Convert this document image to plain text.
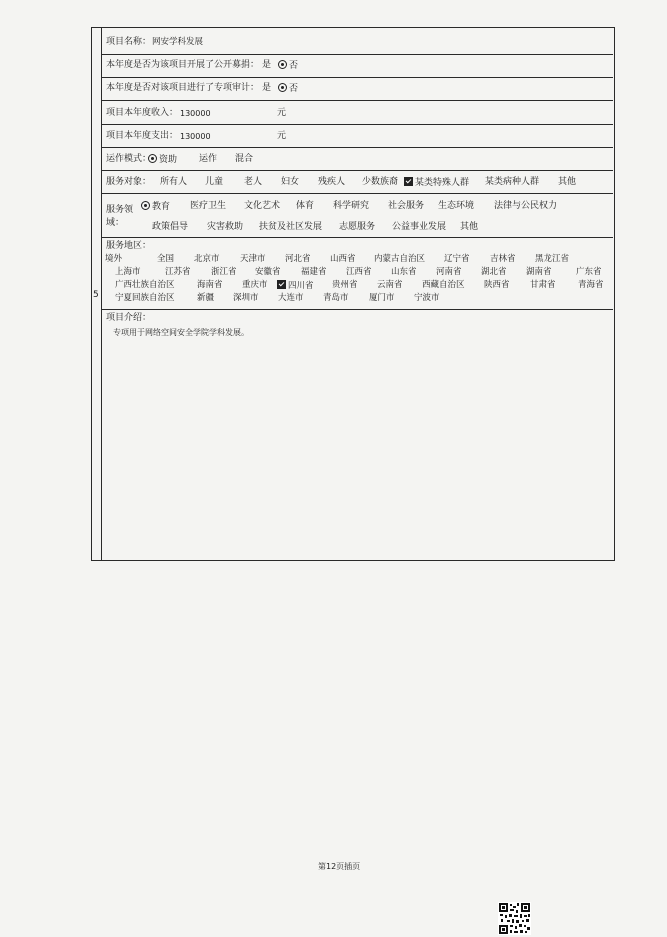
5
项目名称： 网安学科发展
本年度是否为该项目开展了公开募捐： 是	否
本年度是否对该项目进行了专项审计： 是	否
项目本年度收入： 130000	元
项目本年度支出： 130000	元
运作模式： 资助 运作 混合
服务对象： 所有人 儿童 老人 妇女 残疾人 少数族裔	某类特殊人群 某类病种人群 其他
服务领
域：
教育 医疗卫生 文化艺术 体育 科学研究 社会服务 生态环境 法律与公民权力
政策倡导 灾害救助 扶贫及社区发展 志愿服务 公益事业发展 其他
服务地区：
境外	全国 北京市 天津市 河北省 山西省 内蒙古自治区 辽宁省 吉林省 黑龙江省
上海市	江苏省 浙江省 安徽省 福建省 江西省 山东省 河南省 湖北省 湖南省	广东省
广西壮族自治区	海南省 重庆市	四川省 贵州省 云南省 西藏自治区 陕西省 甘肃省	青海省
宁夏回族自治区	新疆 深圳市 大连市 青岛市 厦门市 宁波市
项目介绍：
专项用于网络空间安全学院学科发展。
第12页插页
